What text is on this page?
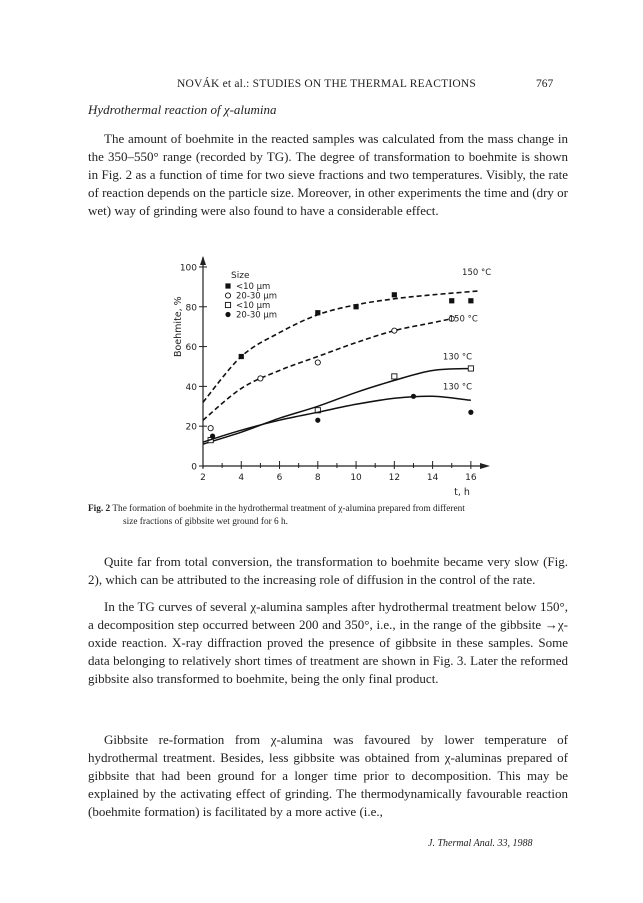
NOVÁK et al.: STUDIES ON THE THERMAL REACTIONS	767
Hydrothermal reaction of χ-alumina

The amount of boehmite in the reacted samples was calculated from the mass change in the 350–550° range (recorded by TG). The degree of transformation to boehmite is shown in Fig. 2 as a function of time for two sieve fractions and two temperatures. Visibly, the rate of reaction depends on the particle size. Moreover, in other experiments the time and (dry or wet) way of grinding were also found to have a considerable effect.

0
20
40
60
80
100
2	4	6	8	10	12	14	16
t, h
Boehmite, %
Size
<10 μm
20-30 μm
<10 μm
20-30 μm
150 °C
150 °C
130 °C
130 °C

Fig. 2 The formation of boehmite in the hydrothermal treatment of χ-alumina prepared from different
size fractions of gibbsite wet ground for 6 h.

Quite far from total conversion, the transformation to boehmite became very slow (Fig. 2), which can be attributed to the increasing role of diffusion in the control of the rate.

In the TG curves of several χ-alumina samples after hydrothermal treatment below 150°, a decomposition step occurred between 200 and 350°, i.e., in the range of the gibbsite →χ-oxide reaction. X-ray diffraction proved the presence of gibbsite in these samples. Some data belonging to relatively short times of treatment are shown in Fig. 3. Later the reformed gibbsite also transformed to boehmite, being the only final product.

Gibbsite re-formation from χ-alumina was favoured by lower temperature of hydrothermal treatment. Besides, less gibbsite was obtained from χ-aluminas prepared of gibbsite that had been ground for a longer time prior to decomposition. This may be explained by the activating effect of grinding. The thermodynamically favourable reaction (boehmite formation) is facilitated by a more active (i.e.,

J. Thermal Anal. 33, 1988
